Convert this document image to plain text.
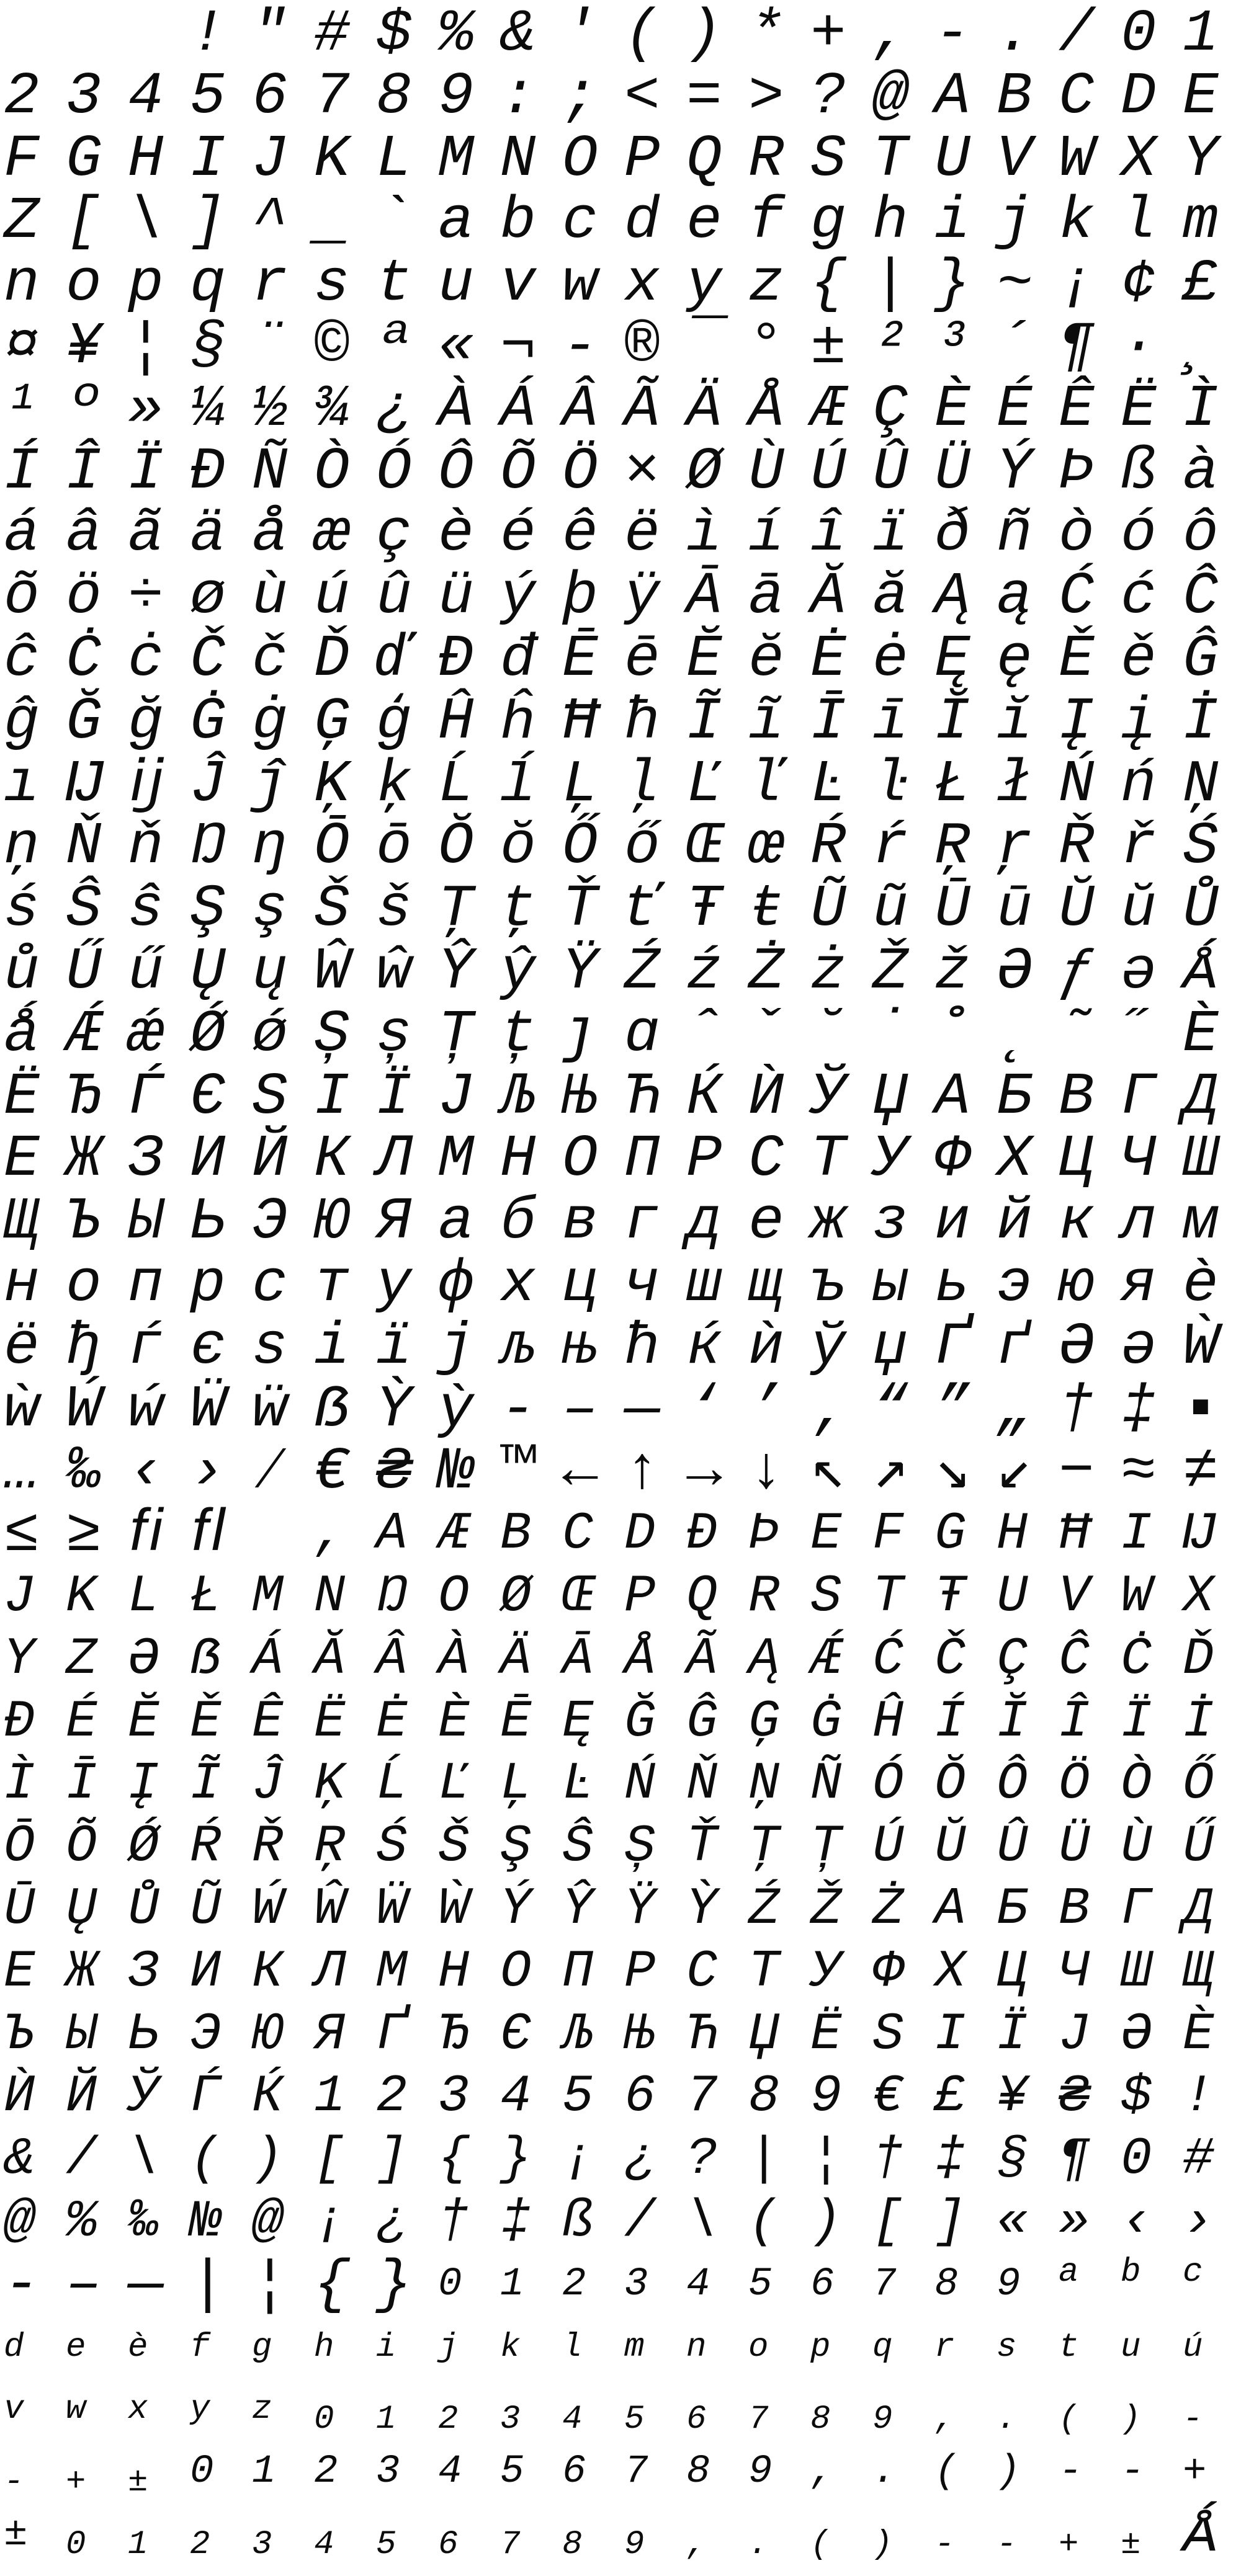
! " # $ % & ' ( ) * + , - . / 0 1
2 3 4 5 6 7 8 9 : ; < = > ? @ A B C D E
F G H I J K L M N O P Q R S T U V W X Y
Z [ \ ] ^ _ ` a b c d e f g h i j k l m
n o p q r s t u v w x y z { | } ~ ¡ ¢ £
¤ ¥ ¦ § ¨ © ª « ¬ ‑ ® ¯ ° ± ² ³ ´ ¶ · ¸
¹ º » ¼ ½ ¾ ¿ À Á Â Ã Ä Å Æ Ç È É Ê Ë Ì
Í Î Ï Ð Ñ Ò Ó Ô Õ Ö × Ø Ù Ú Û Ü Ý Þ ß à
á â ã ä å æ ç è é ê ë ì í î ï ð ñ ò ó ô
õ ö ÷ ø ù ú û ü ý þ ÿ Ā ā Ă ă Ą ą Ć ć Ĉ
ĉ Ċ ċ Č č Ď ď Đ đ Ē ē Ĕ ĕ Ė ė Ę ę Ě ě Ĝ
ĝ Ğ ğ Ġ ġ Ģ ģ Ĥ ĥ Ħ ħ Ĩ ĩ Ī ī Ĭ ĭ Į į İ
ı Ĳ ĳ Ĵ ĵ Ķ ķ Ĺ ĺ Ļ ļ Ľ ľ Ŀ ŀ Ł ł Ń ń Ņ
ņ Ň ň Ŋ ŋ Ō ō Ŏ ŏ Ő ő Œ œ Ŕ ŕ Ŗ ŗ Ř ř Ś
ś Ŝ ŝ Ş ş Š š Ţ ţ Ť ť Ŧ ŧ Ũ ũ Ū ū Ŭ ŭ Ů
ů Ű ű Ų ų Ŵ ŵ Ŷ ŷ Ÿ Ź ź Ż ż Ž ž Ə ƒ ə Ǻ
ǻ Ǽ ǽ Ǿ ǿ Ș ș Ț ț ȷ ɑ ˆ ˇ ˘ ˙ ˚ ˛ ˜ ˝ Ѐ
Ё Ђ Ѓ Є Ѕ І Ї Ј Љ Њ Ћ Ќ Ѝ Ў Џ А Б В Г Д
Е Ж З И Й К Л М Н О П Р С Т У Ф Х Ц Ч Ш
Щ Ъ Ы Ь Э Ю Я а б в г д е ж з и й к л м
н о п р с т у ф х ц ч ш щ ъ ы ь э ю я ѐ
ё ђ ѓ є ѕ і ї ј љ њ ћ ќ ѝ ў џ Ґ ґ Ә ә Ẁ
ẁ Ẃ ẃ Ẅ ẅ ẞ Ỳ ỳ ‐ – — ‘ ’ ‚ “ ” „ † ‡ ▪
… ‰ ‹ › ⁄ € ₴ № ™ ← ↑ → ↓ ↖ ↗ ↘ ↙ − ≈ ≠
≤ ≥ ﬁ ﬂ	, A Æ B C D Đ Þ E F G H Ħ I Ĳ
J K L Ł M N Ŋ O Ø Œ P Q R S T Ŧ U V W X
Y Z Ə ẞ Á Ă Â À Ä Ā Å Ã Ą Ǽ Ć Č Ç Ĉ Ċ Ď
Đ É Ĕ Ě Ê Ë Ė È Ē Ę Ğ Ĝ Ģ Ġ Ĥ Í Ĭ Î Ï İ
Ì Ī Į Ĩ Ĵ Ķ Ĺ Ľ Ļ Ŀ Ń Ň Ņ Ñ Ó Ŏ Ô Ö Ò Ő
Ō Õ Ǿ Ŕ Ř Ŗ Ś Š Ş Ŝ Ș Ť Ţ Ț Ú Ŭ Û Ü Ù Ű
Ū Ų Ů Ũ Ẃ Ŵ Ẅ Ẁ Ý Ŷ Ÿ Ỳ Ź Ž Ż А Б В Г Д
Е Ж З И К Л М Н О П Р С Т У Ф Х Ц Ч Ш Щ
Ъ Ы Ь Э Ю Я Ґ Ђ Є Љ Њ Ћ Џ Ё Ѕ І Ї Ј Ә Ѐ
Ѝ Й Ў Ѓ Ќ 1 2 3 4 5 6 7 8 9 € £ ¥ ₴ $ !
& / \ ( ) [ ] { } ¡ ¿ ? | ¦ † ‡ § ¶ 0 #
@ % ‰ № @ ¡ ¿ † ‡ ß / \ ( ) [ ] « » ‹ ›
‐ – — | ¦ { } 0 1 2 3 4 5 6 7 8 9	a	b	c
d	e	è	f	g	h	i	j	k	l	m	n	o	p	q	r	s	t	u	ú
v	w	x	y	z	0	1	2	3	4	5	6	7	8	9	,	.	(	)	-
-	+	±	0 1 2 3 4 5 6 7 8 9 , . ( ) - - +
±	0	1	2	3	4	5	6	7	8	9	,	.	(	)	-	-	+	± Ǻ
